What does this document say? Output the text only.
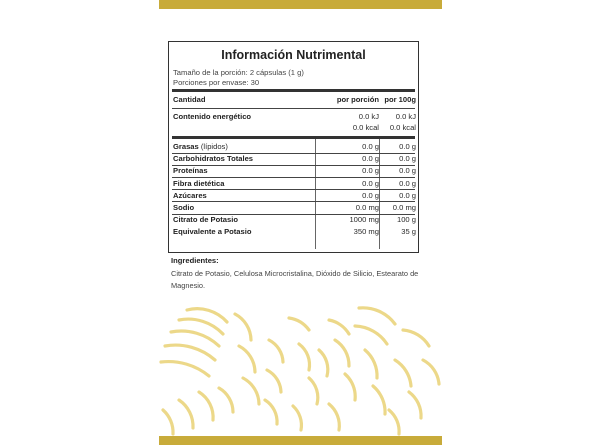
Información Nutrimental
Tamaño de la porción: 2 cápsulas (1 g)
Porciones por envase: 30
Cantidad	por porción por 100g
Contenido energético	0.0 kJ	0.0 kJ
0.0 kcal	0.0 kcal
Grasas (lípidos)	0.0 g	0.0 g
Carbohidratos Totales	0.0 g	0.0 g
Proteínas	0.0 g	0.0 g
Fibra dietética	0.0 g	0.0 g
Azúcares	0.0 g	0.0 g
Sodio	0.0 mg	0.0 mg
Citrato de Potasio	1000 mg	100 g
Equivalente a Potasio	350 mg	35 g
Ingredientes:
Citrato de Potasio, Celulosa Microcristalina, Dióxido de Silicio, Estearato de Magnesio.
